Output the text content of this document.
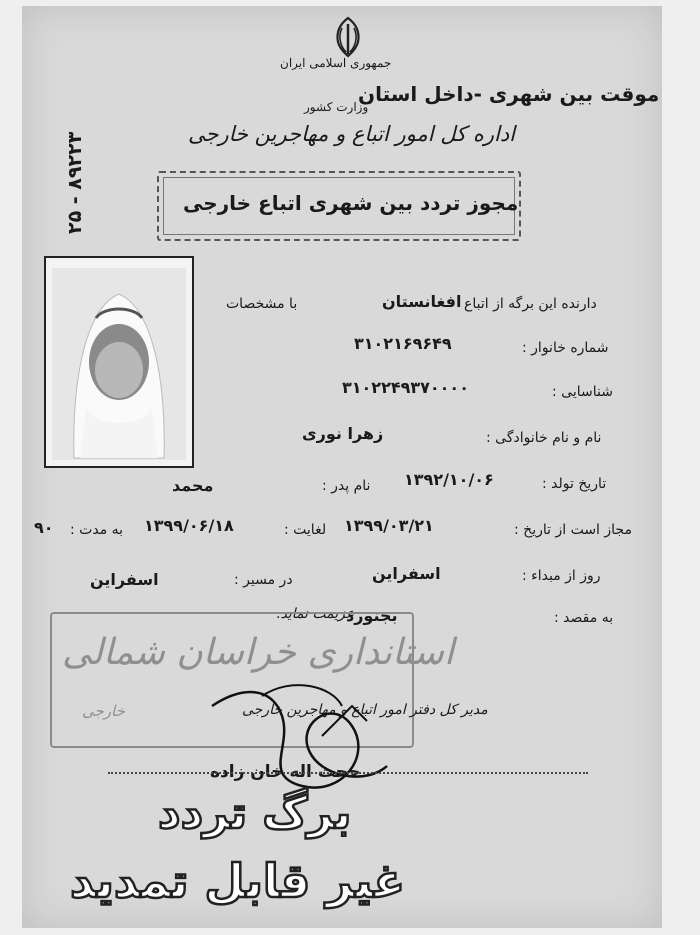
جمهوری اسلامی ایران
موقت بین شهری -داخل استان
وزارت کشور
اداره کل امور اتباع و مهاجرین خارجی
۲۵ - ۸۹۲۲۳	مجوز تردد بین شهری اتباع خارجی
دارنده این برگه از اتباع
افغانستان
با مشخصات
شماره خانوار :
۳۱۰۲۱۶۹۶۴۹
شناسایی :
۳۱۰۲۲۴۹۳۷۰۰۰۰
نام و نام خانوادگی :
زهرا نوری
تاریخ تولد :
۱۳۹۲/۱۰/۰۶
نام پدر :
محمد
مجاز است از تاریخ :
۱۳۹۹/۰۳/۲۱
لغایت :
۱۳۹۹/۰۶/۱۸
به مدت :
۹۰
روز از مبداء :
اسفراین
در مسیر :
اسفراین
به مقصد :
بجنورد
عزیمت نماید.
استانداری خراسان شمالی
خارجی	مدیر کل دفتر امور اتباع و مهاجرین خارجی
حجت اله خان زاده
برگ تردد
غیر قابل تمدید
